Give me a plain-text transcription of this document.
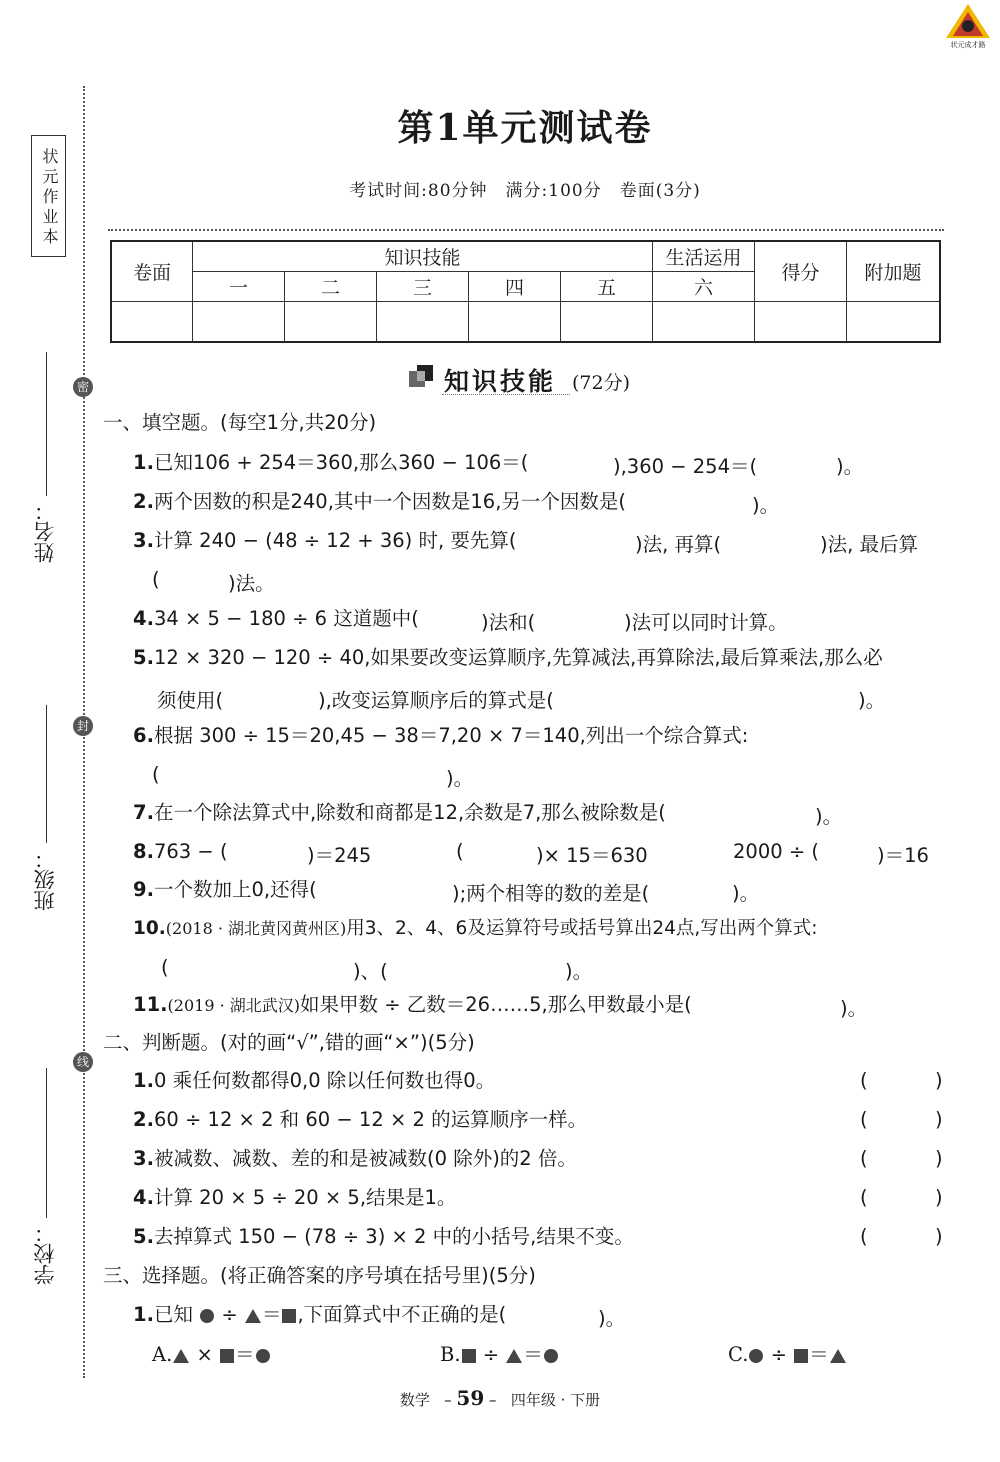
状元成才路
状元作业本
密
封
线
姓名：
班级：
学校：
第1单元测试卷
考试时间:80分钟　满分:100分　卷面(3分)
卷面	知识技能					生活运用	得分	附加题
	一	二	三	四	五	六		

知识技能 (72分)
一、填空题。(每空1分,共20分)
1.已知106 + 254＝360,那么360 − 106＝(	),360 − 254＝(	)。
2.两个因数的积是240,其中一个因数是16,另一个因数是(	)。
3.计算 240 − (48 ÷ 12 + 36) 时, 要先算(	)法, 再算(	)法, 最后算
(	)法。
4.34 × 5 − 180 ÷ 6 这道题中(	)法和(	)法可以同时计算。
5.12 × 320 − 120 ÷ 40,如果要改变运算顺序,先算减法,再算除法,最后算乘法,那么必
须使用(	),改变运算顺序后的算式是(	)。
6.根据 300 ÷ 15＝20,45 − 38＝7,20 × 7＝140,列出一个综合算式:
(	)。
7.在一个除法算式中,除数和商都是12,余数是7,那么被除数是(	)。
8.763 − (	)＝245	(	)× 15＝630	2000 ÷ (	)＝16
9.一个数加上0,还得(	);两个相等的数的差是(	)。
10.(2018 · 湖北黄冈黄州区)用3、2、4、6及运算符号或括号算出24点,写出两个算式:
(	)、(	)。
11.(2019 · 湖北武汉)如果甲数 ÷ 乙数＝26……5,那么甲数最小是(	)。
二、判断题。(对的画“√”,错的画“×”)(5分)
1.0 乘任何数都得0,0 除以任何数也得0。	(	)
2.60 ÷ 12 × 2 和 60 − 12 × 2 的运算顺序一样。	(	)
3.被减数、减数、差的和是被减数(0 除外)的2 倍。	(	)
4.计算 20 × 5 ÷ 20 × 5,结果是1。	(	)
5.去掉算式 150 − (78 ÷ 3) × 2 中的小括号,结果不变。	(	)
三、选择题。(将正确答案的序号填在括号里)(5分)
1.已知 ÷ ＝ ,下面算式中不正确的是(	)。
A. × ＝	B. ÷ ＝	C. ÷ ＝
数学 – 59 – 四年级 · 下册
